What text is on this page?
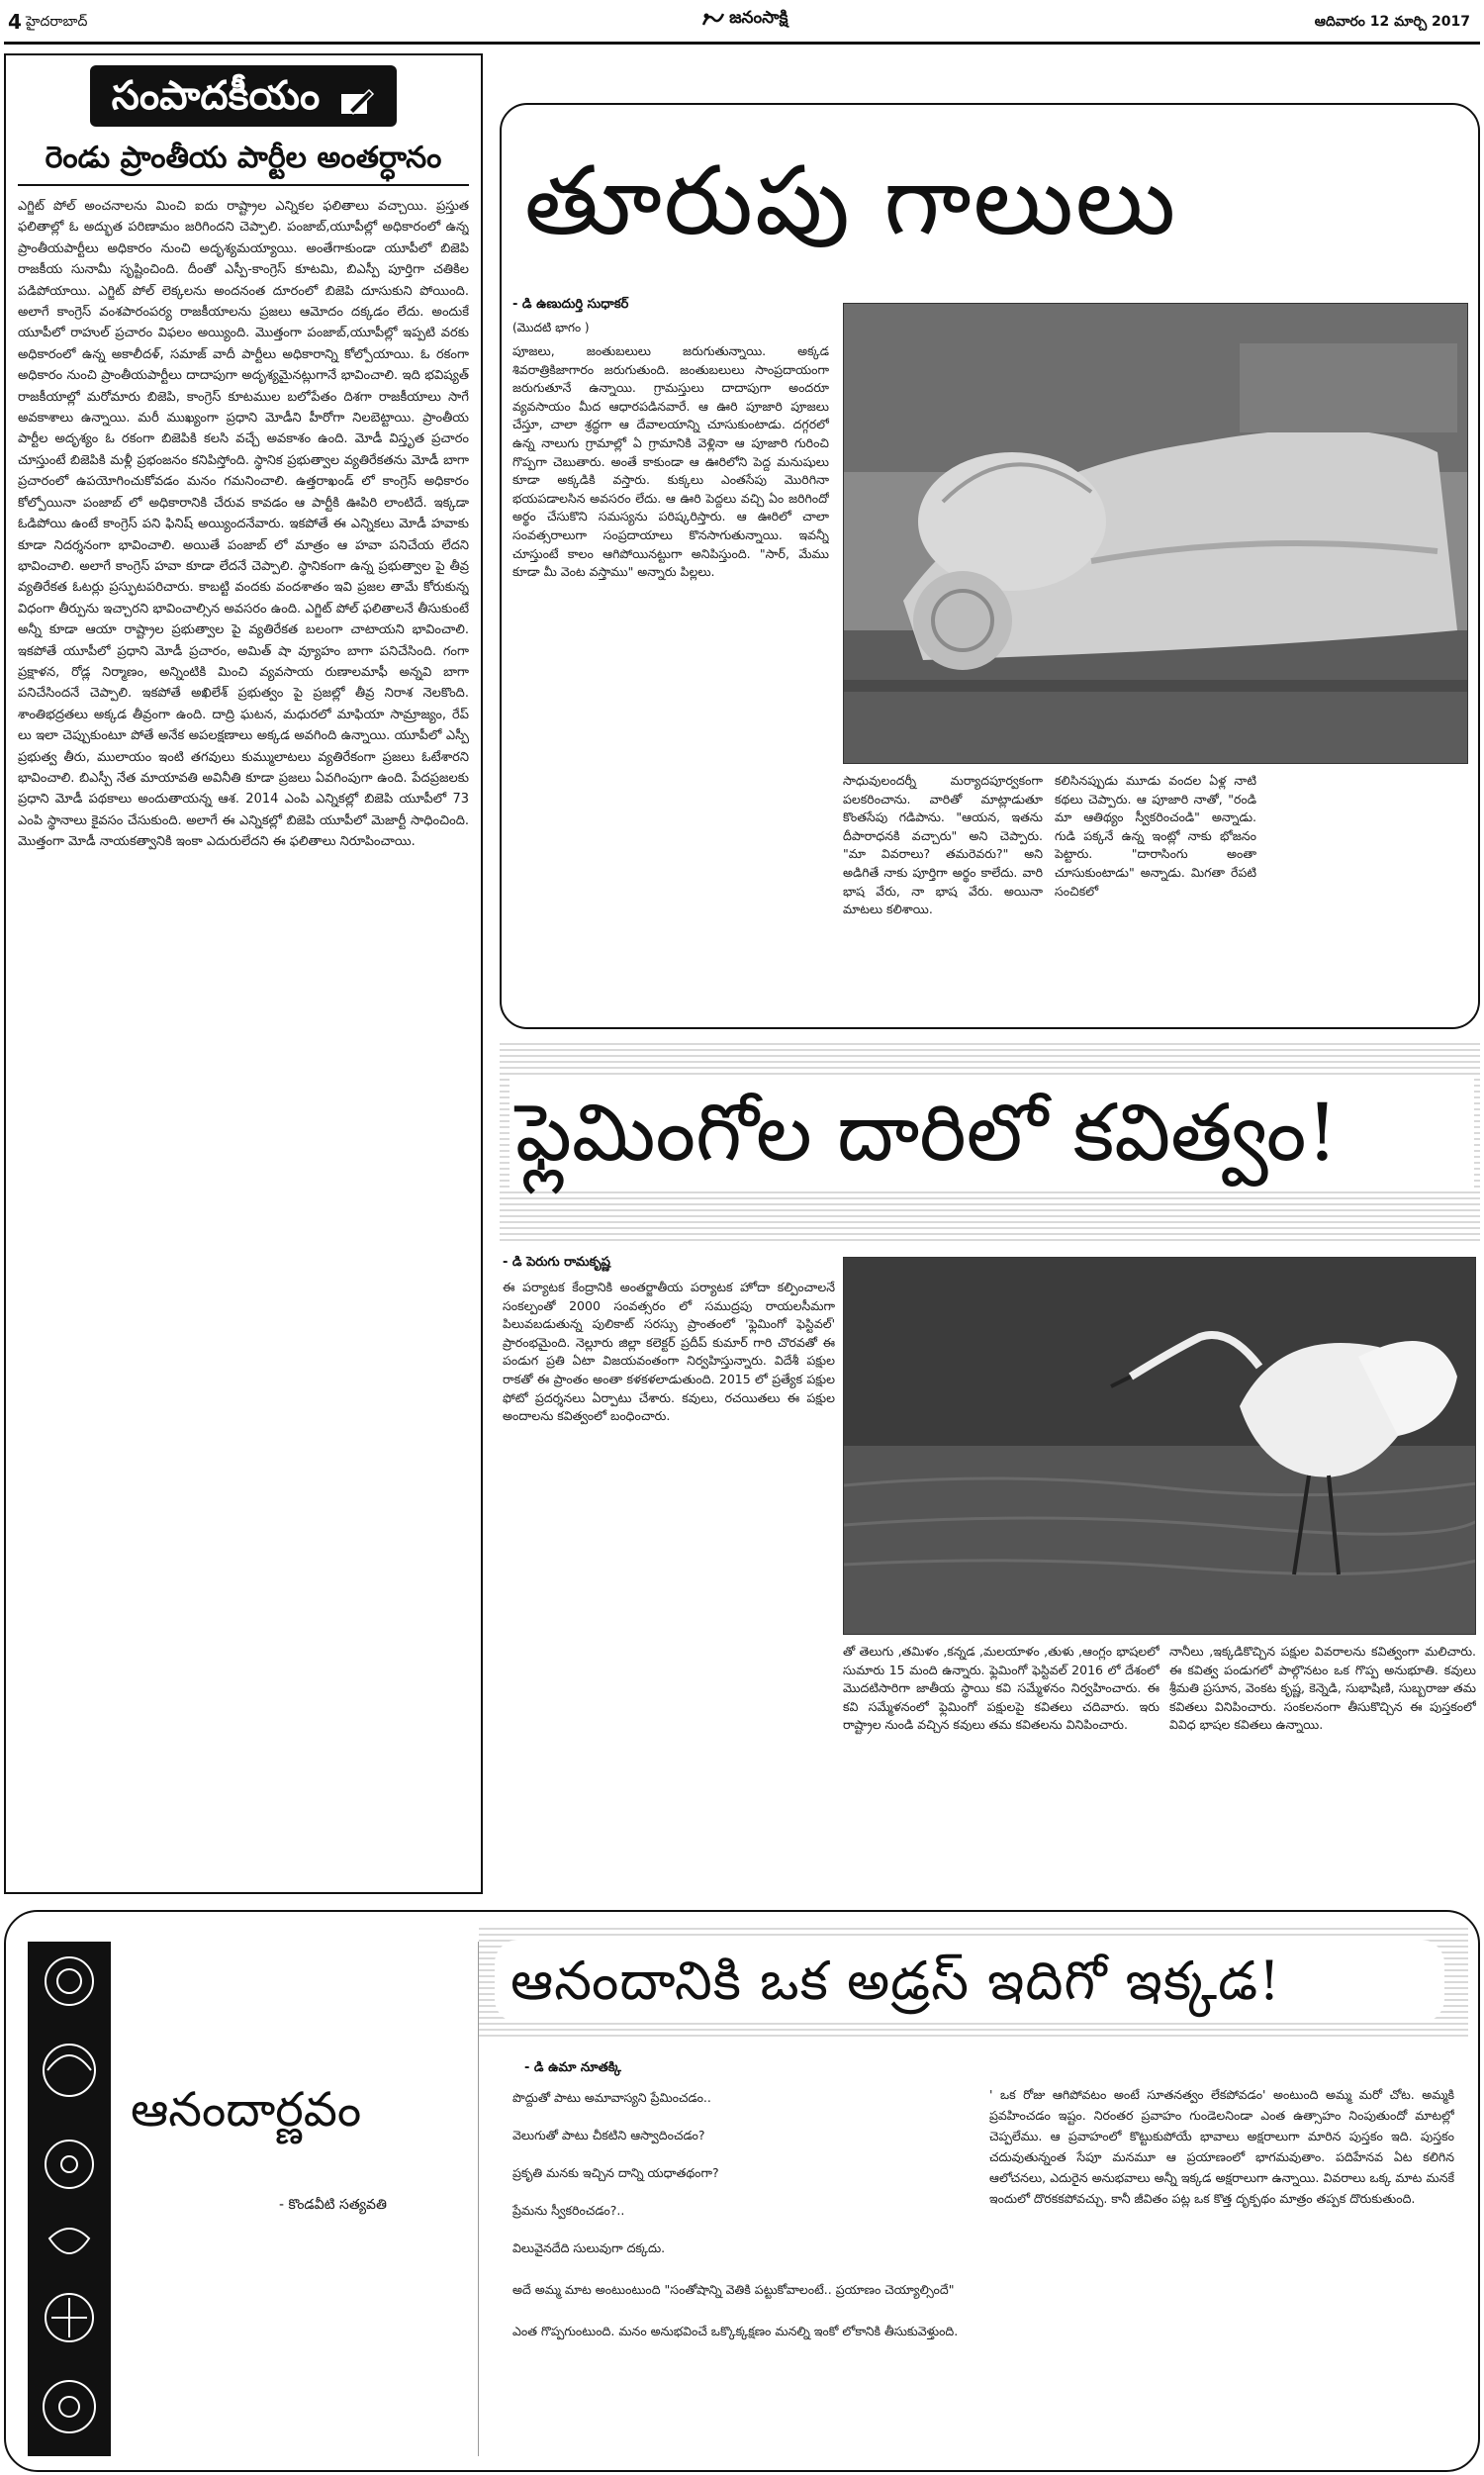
4 హైదరాబాద్	జనంసాక్షి	ఆదివారం 12 మార్చి 2017
సంపాదకీయం
రెండు ప్రాంతీయ పార్టీల అంతర్ధానం
ఎగ్జిట్ పోల్ అంచనాలను మించి ఐదు రాష్ట్రాల ఎన్నికల ఫలితాలు వచ్చాయి. ప్రస్తుత ఫలితాల్లో ఓ అద్భుత పరిణామం జరిగిందని చెప్పాలి. పంజాబ్,యూపీల్లో అధికారంలో ఉన్న ప్రాంతీయపార్టీలు అధికారం నుంచి అదృశ్యమయ్యాయి. అంతేగాకుండా యూపీలో బిజెపి రాజకీయ సునామీ సృష్టించింది. దీంతో ఎస్పీ-కాంగ్రెస్ కూటమి, బిఎస్పీ పూర్తిగా చతికిల పడిపోయాయి. ఎగ్జిట్ పోల్ లెక్కలను అందనంత దూరంలో బిజెపి దూసుకుని పోయింది. అలాగే కాంగ్రెస్ వంశపారంపర్య రాజకీయాలను ప్రజలు ఆమోదం దక్కడం లేదు. అందుకే యూపీలో రాహుల్ ప్రచారం విఫలం అయ్యింది. మొత్తంగా పంజాబ్,యూపీల్లో ఇప్పటి వరకు అధికారంలో ఉన్న అకాలీదళ్, సమాజ్ వాదీ పార్టీలు అధికారాన్ని కోల్పోయాయి. ఓ రకంగా అధికారం నుంచి ప్రాంతీయపార్టీలు దాదాపుగా అదృశ్యమైనట్లుగానే భావించాలి. ఇది భవిష్యత్ రాజకీయాల్లో మరోమారు బిజెపి, కాంగ్రెస్ కూటముల బలోపేతం దిశగా రాజకీయాలు సాగే అవకాశాలు ఉన్నాయి. మరీ ముఖ్యంగా ప్రధాని మోడీని హీరోగా నిలబెట్టాయి. ప్రాంతీయ పార్టీల అదృశ్యం ఓ రకంగా బిజెపికి కలసి వచ్చే అవకాశం ఉంది. మోడీ విస్తృత ప్రచారం చూస్తుంటే బిజెపికి మళ్లీ ప్రభంజనం కనిపిస్తోంది. స్థానిక ప్రభుత్వాల వ్యతిరేకతను మోడీ బాగా ప్రచారంలో ఉపయోగించుకోవడం మనం గమనించాలి. ఉత్తరాఖండ్ లో కాంగ్రెస్ అధికారం కోల్పోయినా పంజాబ్ లో అధికారానికి చేరువ కావడం ఆ పార్టీకి ఊపిరి లాంటిదే. ఇక్కడా ఓడిపోయి ఉంటే కాంగ్రెస్ పని ఫినిష్ అయ్యిందనేవారు. ఇకపోతే ఈ ఎన్నికలు మోడీ హవాకు కూడా నిదర్శనంగా భావించాలి. అయితే పంజాబ్ లో మాత్రం ఆ హవా పనిచేయ లేదని భావించాలి. అలాగే కాంగ్రెస్ హవా కూడా లేదనే చెప్పాలి. స్థానికంగా ఉన్న ప్రభుత్వాల పై తీవ్ర వ్యతిరేకత ఓటర్లు ప్రస్ఫుటపరిచారు. కాబట్టి వందకు వందశాతం ఇవి ప్రజల తామే కోరుకున్న విధంగా తీర్పును ఇచ్చారని భావించాల్సిన అవసరం ఉంది. ఎగ్జిట్ పోల్ ఫలితాలనే తీసుకుంటే అన్నీ కూడా ఆయా రాష్ట్రాల ప్రభుత్వాల పై వ్యతిరేకత బలంగా చాటాయని భావించాలి. ఇకపోతే యూపీలో ప్రధాని మోడీ ప్రచారం, అమిత్ షా వ్యూహం బాగా పనిచేసింది. గంగా ప్రక్షాళన, రోడ్ల నిర్మాణం, అన్నింటికి మించి వ్యవసాయ రుణాలమాఫీ అన్నవి బాగా పనిచేసిందనే చెప్పాలి. ఇకపోతే అఖిలేశ్ ప్రభుత్వం పై ప్రజల్లో తీవ్ర నిరాశ నెలకొంది. శాంతిభద్రతలు అక్కడ తీవ్రంగా ఉంది. దాద్రి ఘటన, మధురలో మాఫియా సామ్రాజ్యం, రేప్ లు ఇలా చెప్పుకుంటూ పోతే అనేక అపలక్షణాలు అక్కడ అవగింది ఉన్నాయి. యూపీలో ఎస్పీ ప్రభుత్వ తీరు, ములాయం ఇంటి తగవులు కుమ్ములాటలు వ్యతిరేకంగా ప్రజలు ఓటేశారని భావించాలి. బిఎస్పీ నేత మాయావతి అవినీతి కూడా ప్రజలు ఏవగింపుగా ఉంది. పేదప్రజలకు ప్రధాని మోడీ పథకాలు అందుతాయన్న ఆశ. 2014 ఎంపి ఎన్నికల్లో బిజెపి యూపీలో 73 ఎంపి స్థానాలు కైవసం చేసుకుంది. అలాగే ఈ ఎన్నికల్లో బిజెపి యూపీలో మెజార్టీ సాధించింది. మొత్తంగా మోడీ నాయకత్వానికి ఇంకా ఎదురులేదని ఈ ఫలితాలు నిరూపించాయి.
తూరుపు గాలులు
- డి ఉణుదుర్తి సుధాకర్
(మొదటి భాగం )
పూజలు, జంతుబలులు జరుగుతున్నాయి. అక్కడ శివరాత్రికిజాగారం జరుగుతుంది. జంతుబలులు సాంప్రదాయంగా జరుగుతూనే ఉన్నాయి. గ్రామస్తులు దాదాపుగా అందరూ వ్యవసాయం మీద ఆధారపడినవారే. ఆ ఊరి పూజారి పూజలు చేస్తూ, చాలా శ్రద్ధగా ఆ దేవాలయాన్ని చూసుకుంటాడు. దగ్గరలో ఉన్న నాలుగు గ్రామాల్లో ఏ గ్రామానికి వెళ్లినా ఆ పూజారి గురించి గొప్పగా చెబుతారు. అంతే కాకుండా ఆ ఊరిలోని పెద్ద మనుషులు కూడా అక్కడికి వస్తారు. కుక్కలు ఎంతసేపు మొరిగినా భయపడాలసిన అవసరం లేదు. ఆ ఊరి పెద్దలు వచ్చి ఏం జరిగిందో అర్థం చేసుకొని సమస్యను పరిష్కరిస్తారు. ఆ ఊరిలో చాలా సంవత్సరాలుగా సంప్రదాయాలు కొనసాగుతున్నాయి. ఇవన్నీ చూస్తుంటే కాలం ఆగిపోయినట్టుగా అనిపిస్తుంది. "సార్, మేము కూడా మీ వెంట వస్తాము" అన్నారు పిల్లలు.
సాధువులందర్నీ మర్యాదపూర్వకంగా పలకరించాను. వారితో మాట్లాడుతూ కొంతసేపు గడిపాను. "ఆయన, ఇతను దీపారాధనకి వచ్చారు" అని చెప్పారు. "మా వివరాలు? తమరెవరు?" అని అడిగితే నాకు పూర్తిగా అర్థం కాలేదు. వారి భాష వేరు, నా భాష వేరు. అయినా మాటలు కలిశాయి.
కలిసినప్పుడు మూడు వందల ఏళ్ల నాటి కథలు చెప్పారు. ఆ పూజారి నాతో, "రండి మా ఆతిథ్యం స్వీకరించండి" అన్నాడు. గుడి పక్కనే ఉన్న ఇంట్లో నాకు భోజనం పెట్టారు. "దారాసింగు అంతా చూసుకుంటాడు" అన్నాడు. మిగతా రేపటి సంచికలో
ఫ్లెమింగోల దారిలో కవిత్వం!
- డి పెరుగు రామకృష్ణ
ఈ పర్యాటక కేంద్రానికి అంతర్జాతీయ పర్యాటక హోదా కల్పించాలనే సంకల్పంతో 2000 సంవత్సరం లో సముద్రపు రాయలసీమగా పిలువబడుతున్న పులికాట్ సరస్సు ప్రాంతంలో 'ఫ్లెమింగో ఫెస్టివల్' ప్రారంభమైంది. నెల్లూరు జిల్లా కలెక్టర్ ప్రదీప్ కుమార్ గారి చొరవతో ఈ పండుగ ప్రతి ఏటా విజయవంతంగా నిర్వహిస్తున్నారు. విదేశీ పక్షుల రాకతో ఈ ప్రాంతం అంతా కళకళలాడుతుంది. 2015 లో ప్రత్యేక పక్షుల ఫోటో ప్రదర్శనలు ఏర్పాటు చేశారు. కవులు, రచయితలు ఈ పక్షుల అందాలను కవిత్వంలో బంధించారు.
తో తెలుగు ,తమిళం ,కన్నడ ,మలయాళం ,తుళు ,ఆంగ్లం భాషలలో సుమారు 15 మంది ఉన్నారు. ఫ్లెమింగో ఫెస్టివల్ 2016 లో దేశంలో మొదటిసారిగా జాతీయ స్థాయి కవి సమ్మేళనం నిర్వహించారు. ఈ కవి సమ్మేళనంలో ఫ్లెమింగో పక్షులపై కవితలు చదివారు. ఇరు రాష్ట్రాల నుండి వచ్చిన కవులు తమ కవితలను వినిపించారు.
నానీలు ,ఇక్కడికొచ్చిన పక్షుల వివరాలను కవిత్వంగా మలిచారు. ఈ కవిత్వ పండుగలో పాల్గొనటం ఒక గొప్ప అనుభూతి. కవులు శ్రీమతి ప్రసూన, వెంకట కృష్ణ, కెన్నెడి, సుభాషిణి, సుబ్బరాజు తమ కవితలు వినిపించారు. సంకలనంగా తీసుకొచ్చిన ఈ పుస్తకంలో వివిధ భాషల కవితలు ఉన్నాయి.
ఆనందార్ణవం
- కొండవీటి సత్యవతి
ఆనందానికి ఒక అడ్రస్ ఇదిగో ఇక్కడ!
- డి ఉమా నూతక్కి
పొద్దుతో పాటు అమావాస్యని ప్రేమించడం..
వెలుగుతో పాటు చీకటిని ఆస్వాదించడం?
ప్రకృతి మనకు ఇచ్చిన దాన్ని యధాతథంగా?
ప్రేమను స్వీకరించడం?..
విలువైనదేది సులువుగా దక్కదు.
అదే అమ్మ మాట అంటుంటుంది "సంతోషాన్ని వెతికి పట్టుకోవాలంటే.. ప్రయాణం చెయ్యాల్సిందే"
ఎంత గొప్పగుంటుంది. మనం అనుభవించే ఒక్కొక్కక్షణం మనల్ని ఇంకో లోకానికి తీసుకువెళ్తుంది.
' ఒక రోజు ఆగిపోవటం అంటే సూతనత్వం లేకపోవడం' అంటుంది అమ్మ మరో చోట. అమ్మకి ప్రవహించడం ఇష్టం. నిరంతర ప్రవాహం గుండెలనిండా ఎంత ఉత్సాహం నింపుతుందో మాటల్లో చెప్పలేము. ఆ ప్రవాహంలో కొట్టుకుపోయే భావాలు అక్షరాలుగా మారిన పుస్తకం ఇది. పుస్తకం చదువుతున్నంత సేపూ మనమూ ఆ ప్రయాణంలో భాగమవుతాం. పదిహేనవ ఏట కలిగిన ఆలోచనలు, ఎదురైన అనుభవాలు అన్నీ ఇక్కడ అక్షరాలుగా ఉన్నాయి. వివరాలు ఒక్క మాట మనకే ఇందులో దొరకకపోవచ్చు. కానీ జీవితం పట్ల ఒక కొత్త దృక్పథం మాత్రం తప్పక దొరుకుతుంది.
